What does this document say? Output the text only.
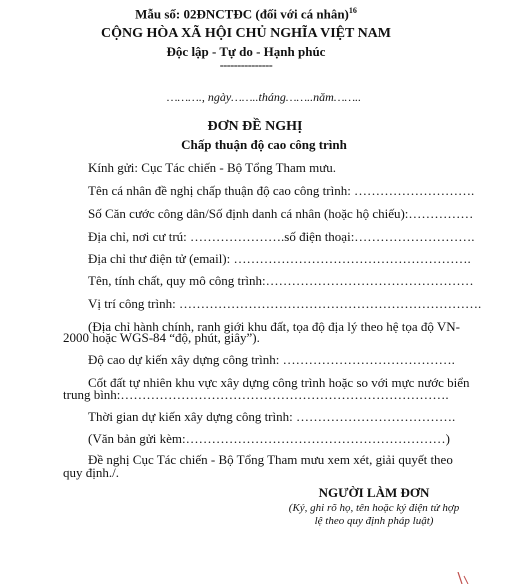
Mẫu số: 02ĐNCTĐC (đối với cá nhân)$^{16}$
CỘNG HÒA XÃ HỘI CHỦ NGHĨA VIỆT NAM
Độc lập - Tự do - Hạnh phúc
---------------
………., ngày……..tháng……..năm……..
ĐƠN ĐỀ NGHỊ
Chấp thuận độ cao công trình
Kính gửi: Cục Tác chiến - Bộ Tổng Tham mưu.
Tên cá nhân đề nghị chấp thuận độ cao công trình: ……………………….
Số Căn cước công dân/Số định danh cá nhân (hoặc hộ chiếu):……………
Địa chỉ, nơi cư trú: ………………….số điện thoại:……………………….
Địa chỉ thư điện tử (email): ……………………………………………….
Tên, tính chất, quy mô công trình:…………………………………………
Vị trí công trình: …………………………………………………………….
(Địa chỉ hành chính, ranh giới khu đất, tọa độ địa lý theo hệ tọa độ VN-
2000 hoặc WGS-84 “độ, phút, giây”).
Độ cao dự kiến xây dựng công trình: ………………………………….
Cốt đất tự nhiên khu vực xây dựng công trình hoặc so với mực nước biển
trung bình:………………………………………………………………….
Thời gian dự kiến xây dựng công trình: ……………………………….
(Văn bản gửi kèm:……………………………………………………)
Đề nghị Cục Tác chiến - Bộ Tổng Tham mưu xem xét, giải quyết theo
quy định./.
NGƯỜI LÀM ĐƠN
(Ký, ghi rõ họ, tên hoặc ký điện tử hợp
lệ theo quy định pháp luật)
